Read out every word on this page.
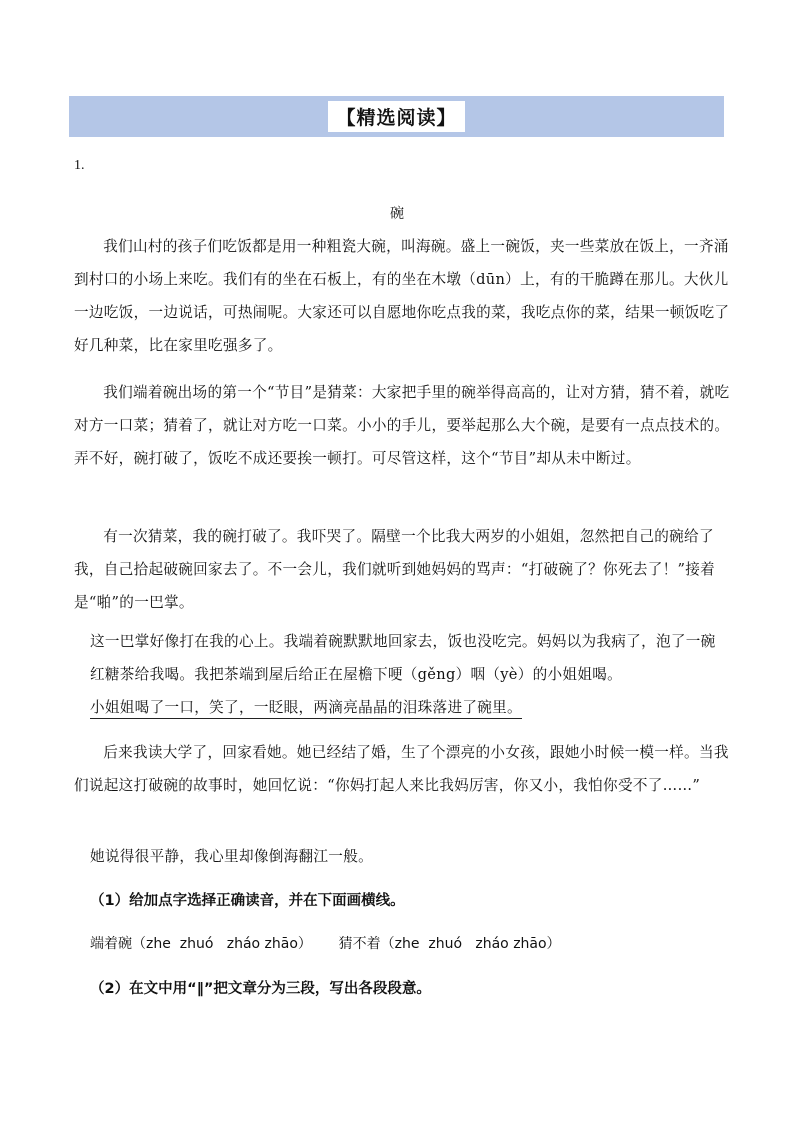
【精选阅读】
1.
碗

我们山村的孩子们吃饭都是用一种粗瓷大碗，叫海碗。盛上一碗饭，夹一些菜放在饭上，一齐涌到村口的小场上来吃。我们有的坐在石板上，有的坐在木墩（dūn）上，有的干脆蹲在那儿。大伙儿一边吃饭，一边说话，可热闹呢。大家还可以自愿地你吃点我的菜，我吃点你的菜，结果一顿饭吃了好几种菜，比在家里吃强多了。

我们端着碗出场的第一个“节目”是猜菜：大家把手里的碗举得高高的，让对方猜，猜不着，就吃对方一口菜；猜着了，就让对方吃一口菜。小小的手儿，要举起那么大个碗，是要有一点点技术的。弄不好，碗打破了，饭吃不成还要挨一顿打。可尽管这样，这个“节目”却从未中断过。

有一次猜菜，我的碗打破了。我吓哭了。隔壁一个比我大两岁的小姐姐，忽然把自己的碗给了我，自己拾起破碗回家去了。不一会儿，我们就听到她妈妈的骂声：“打破碗了？你死去了！”接着是“啪”的一巴掌。

这一巴掌好像打在我的心上。我端着碗默默地回家去，饭也没吃完。妈妈以为我病了，泡了一碗红糖茶给我喝。我把茶端到屋后给正在屋檐下哽（gěng）咽（yè）的小姐姐喝。
小姐姐喝了一口，笑了，一眨眼，两滴亮晶晶的泪珠落进了碗里。

后来我读大学了，回家看她。她已经结了婚，生了个漂亮的小女孩，跟她小时候一模一样。当我们说起这打破碗的故事时，她回忆说：“你妈打起人来比我妈厉害，你又小，我怕你受不了……”

她说得很平静，我心里却像倒海翻江一般。

（1）给加点字选择正确读音，并在下面画横线。
端着碗（zhe  zhuó   zháo zhāo）      猜不着（zhe  zhuó   zháo zhāo）
（2）在文中用“‖”把文章分为三段，写出各段段意。
